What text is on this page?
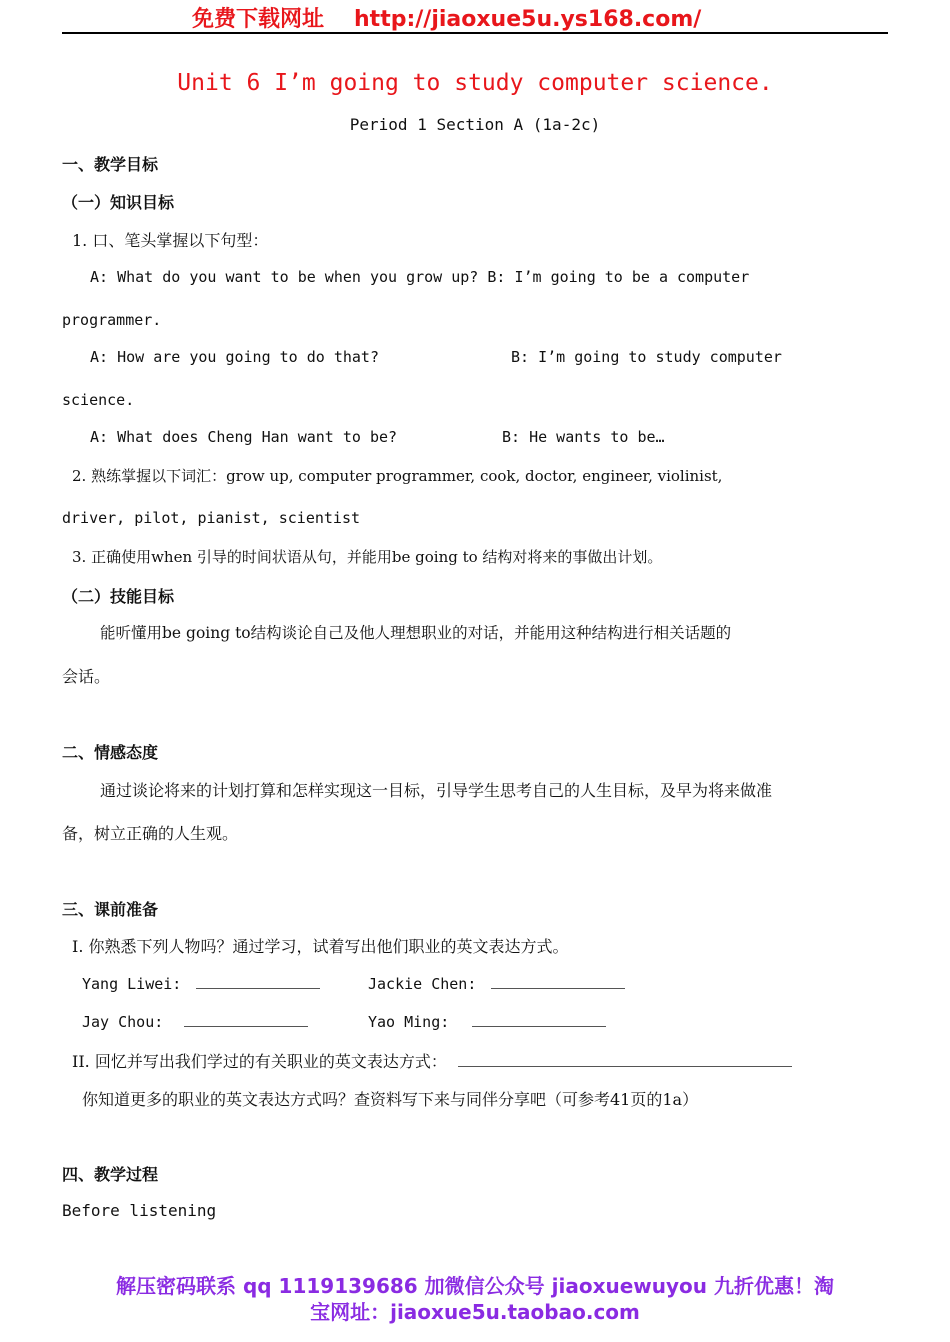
免费下载网址 http://jiaoxue5u.ys168.com/
Unit 6 I’m going to study computer science.
Period 1 Section A (1a-2c)
一、教学目标
（一）知识目标
1. 口、笔头掌握以下句型：
A: What do you want to be when you grow up? B: I’m going to be a computer
programmer.
A: How are you going to do that?	B: I’m going to study computer
science.
A: What does Cheng Han want to be?	B: He wants to be…
2. 熟练掌握以下词汇：grow up, computer programmer, cook, doctor, engineer, violinist,
driver, pilot, pianist, scientist
3. 正确使用when 引导的时间状语从句，并能用be going to 结构对将来的事做出计划。
（二）技能目标
能听懂用be going to结构谈论自己及他人理想职业的对话，并能用这种结构进行相关话题的
会话。
二、情感态度
通过谈论将来的计划打算和怎样实现这一目标，引导学生思考自己的人生目标，及早为将来做准
备，树立正确的人生观。
三、课前准备
I. 你熟悉下列人物吗？通过学习，试着写出他们职业的英文表达方式。
Yang Liwei:	Jackie Chen:
Jay Chou:	Yao Ming:
II. 回忆并写出我们学过的有关职业的英文表达方式：
你知道更多的职业的英文表达方式吗？查资料写下来与同伴分享吧（可参考41页的1a）
四、教学过程
Before listening
解压密码联系 qq 1119139686 加微信公众号 jiaoxuewuyou 九折优惠！淘
宝网址：jiaoxue5u.taobao.com
